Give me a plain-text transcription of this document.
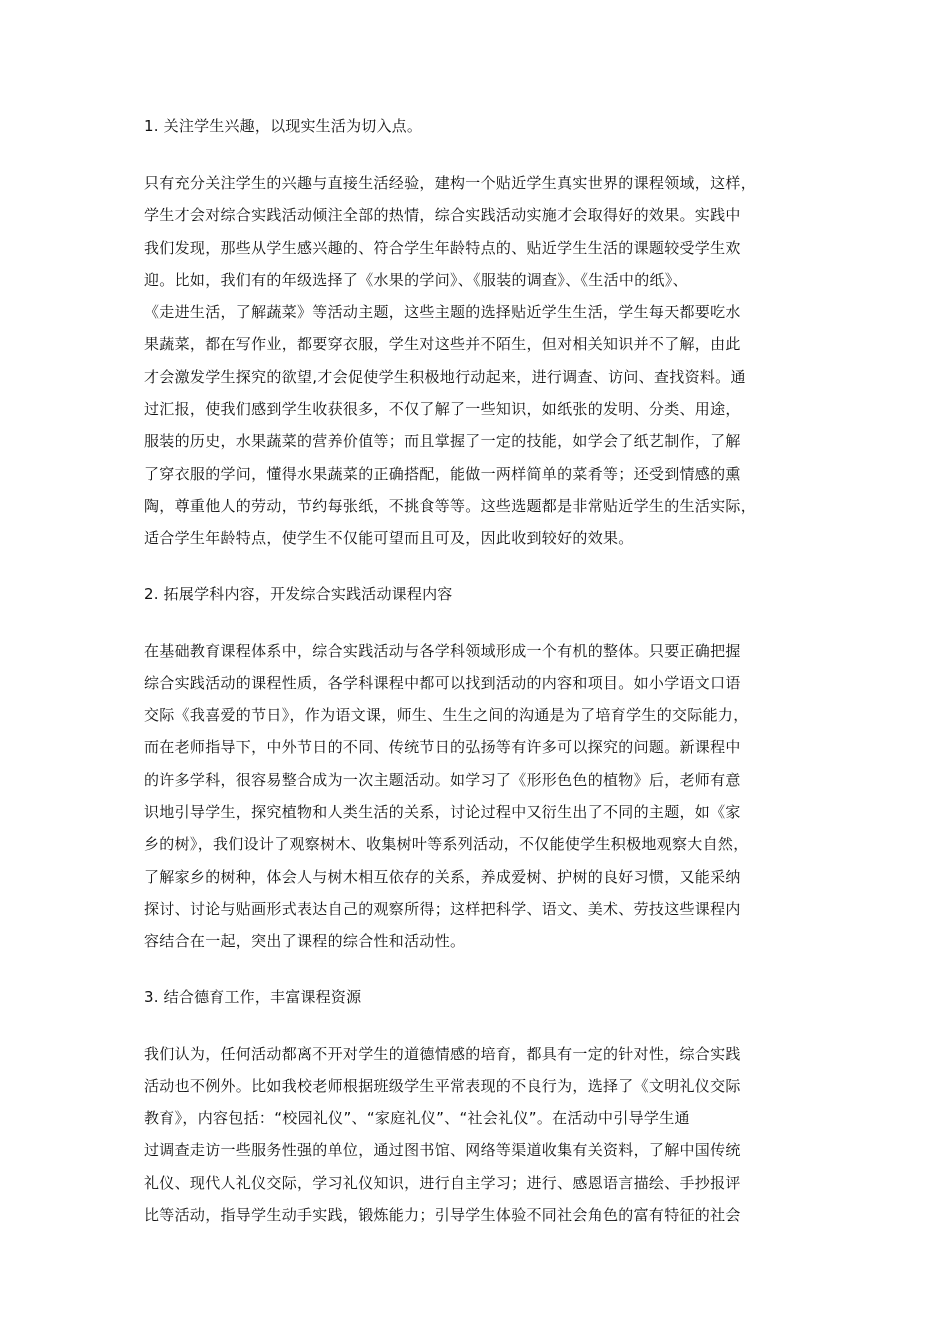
1. 关注学生兴趣，以现实生活为切入点。
只有充分关注学生的兴趣与直接生活经验，建构一个贴近学生真实世界的课程领域，这样，
学生才会对综合实践活动倾注全部的热情，综合实践活动实施才会取得好的效果。实践中
我们发现，那些从学生感兴趣的、符合学生年龄特点的、贴近学生生活的课题较受学生欢
迎。比如，我们有的年级选择了《水果的学问》、《服装的调查》、《生活中的纸》、
《走进生活，了解蔬菜》等活动主题，这些主题的选择贴近学生生活，学生每天都要吃水
果蔬菜，都在写作业，都要穿衣服，学生对这些并不陌生，但对相关知识并不了解，由此
才会激发学生探究的欲望,才会促使学生积极地行动起来，进行调查、访问、查找资料。通
过汇报，使我们感到学生收获很多，不仅了解了一些知识，如纸张的发明、分类、用途，
服装的历史，水果蔬菜的营养价值等；而且掌握了一定的技能，如学会了纸艺制作，了解
了穿衣服的学问，懂得水果蔬菜的正确搭配，能做一两样简单的菜肴等；还受到情感的熏
陶，尊重他人的劳动，节约每张纸，不挑食等等。这些选题都是非常贴近学生的生活实际，
适合学生年龄特点，使学生不仅能可望而且可及，因此收到较好的效果。
2. 拓展学科内容，开发综合实践活动课程内容
在基础教育课程体系中，综合实践活动与各学科领域形成一个有机的整体。只要正确把握
综合实践活动的课程性质，各学科课程中都可以找到活动的内容和项目。如小学语文口语
交际《我喜爱的节日》，作为语文课，师生、生生之间的沟通是为了培育学生的交际能力，
而在老师指导下，中外节日的不同、传统节日的弘扬等有许多可以探究的问题。新课程中
的许多学科，很容易整合成为一次主题活动。如学习了《形形色色的植物》后，老师有意
识地引导学生，探究植物和人类生活的关系，讨论过程中又衍生出了不同的主题，如《家
乡的树》，我们设计了观察树木、收集树叶等系列活动，不仅能使学生积极地观察大自然，
了解家乡的树种，体会人与树木相互依存的关系，养成爱树、护树的良好习惯，又能采纳
探讨、讨论与贴画形式表达自己的观察所得；这样把科学、语文、美术、劳技这些课程内
容结合在一起，突出了课程的综合性和活动性。
3. 结合德育工作，丰富课程资源
我们认为，任何活动都离不开对学生的道德情感的培育，都具有一定的针对性，综合实践
活动也不例外。比如我校老师根据班级学生平常表现的不良行为，选择了《文明礼仪交际
教育》，内容包括：“校园礼仪”、“家庭礼仪”、“社会礼仪”。在活动中引导学生通
过调查走访一些服务性强的单位，通过图书馆、网络等渠道收集有关资料，了解中国传统
礼仪、现代人礼仪交际，学习礼仪知识，进行自主学习；进行、感恩语言描绘、手抄报评
比等活动，指导学生动手实践，锻炼能力；引导学生体验不同社会角色的富有特征的社会
